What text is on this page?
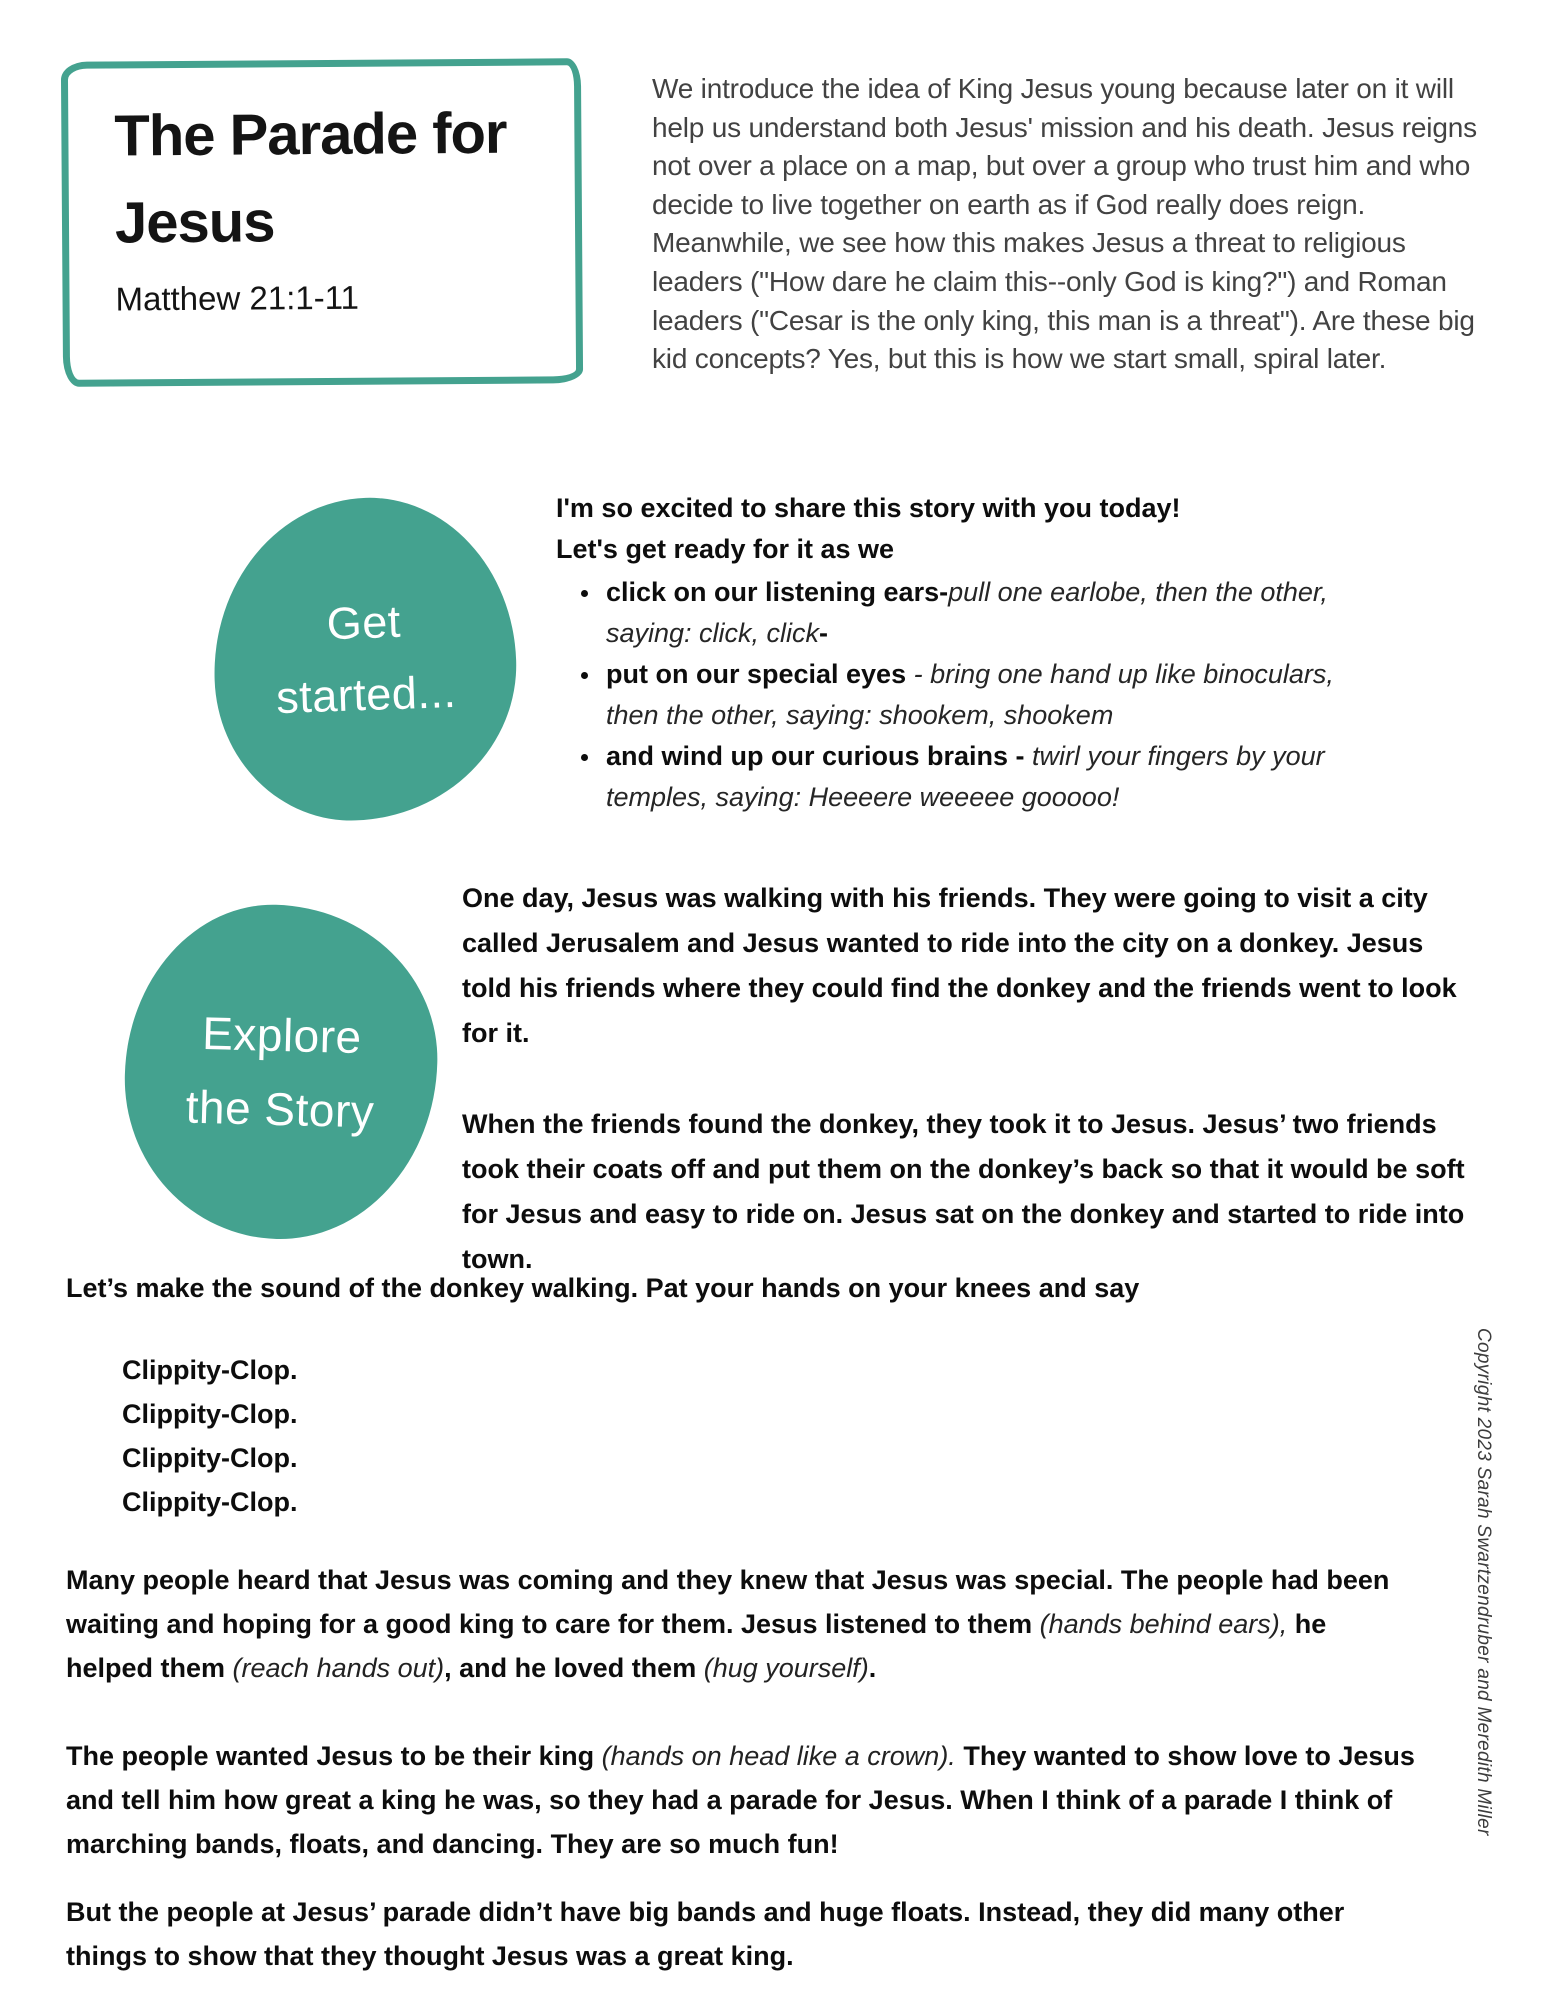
The Parade for Jesus
Matthew 21:1-11

We introduce the idea of King Jesus young because later on it will help us understand both Jesus' mission and his death. Jesus reigns not over a place on a map, but over a group who trust him and who decide to live together on earth as if God really does reign. Meanwhile, we see how this makes Jesus a threat to religious leaders ("How dare he claim this--only God is king?") and Roman leaders ("Cesar is the only king, this man is a threat"). Are these big kid concepts? Yes, but this is how we start small, spiral later.

Get
started...
I'm so excited to share this story with you today!
Let's get ready for it as we
• click on our listening ears-pull one earlobe, then the other, saying: click, click-
• put on our special eyes - bring one hand up like binoculars, then the other, saying: shookem, shookem
• and wind up our curious brains - twirl your fingers by your temples, saying: Heeeere weeeee gooooo!
Explore
the Story

One day, Jesus was walking with his friends. They were going to visit a city called Jerusalem and Jesus wanted to ride into the city on a donkey. Jesus told his friends where they could find the donkey and the friends went to look for it.

When the friends found the donkey, they took it to Jesus. Jesus’ two friends took their coats off and put them on the donkey’s back so that it would be soft for Jesus and easy to ride on. Jesus sat on the donkey and started to ride into town.

Let’s make the sound of the donkey walking. Pat your hands on your knees and say

Clippity-Clop.
Clippity-Clop.
Clippity-Clop.
Clippity-Clop.

Many people heard that Jesus was coming and they knew that Jesus was special. The people had been waiting and hoping for a good king to care for them. Jesus listened to them (hands behind ears), he helped them (reach hands out), and he loved them (hug yourself).

The people wanted Jesus to be their king (hands on head like a crown). They wanted to show love to Jesus and tell him how great a king he was, so they had a parade for Jesus. When I think of a parade I think of marching bands, floats, and dancing. They are so much fun!

But the people at Jesus’ parade didn’t have big bands and huge floats. Instead, they did many other things to show that they thought Jesus was a great king.

Copyright 2023 Sarah Swartzendruber and Meredith Miller
